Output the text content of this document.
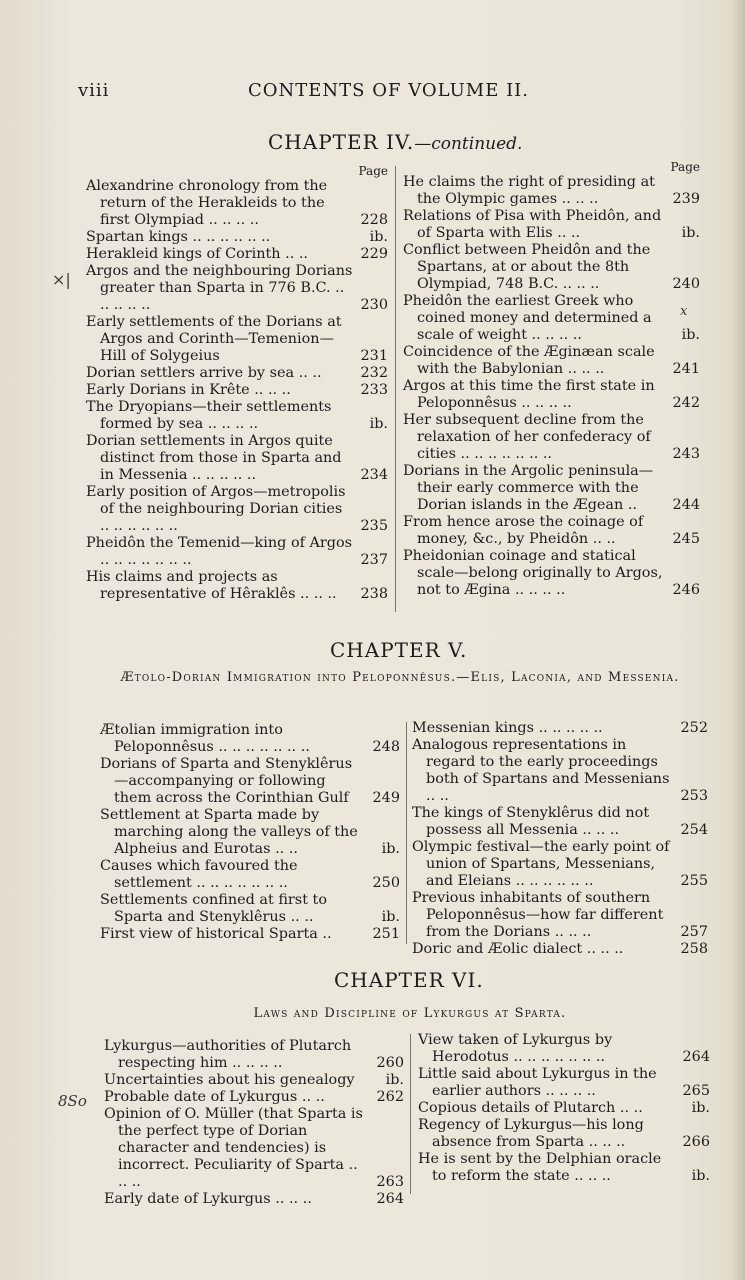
viii	CONTENTS OF VOLUME II.
×|
x
8So
CHAPTER IV.—continued.
Page
Alexandrine chronology from the return of the Herakleids to the first Olympiad .. .. .. ..	228
Spartan kings .. .. .. .. .. ..	ib.
Herakleid kings of Corinth .. ..	229
Argos and the neighbouring Dorians greater than Sparta in 776 B.C. .. .. .. .. ..	230
Early settlements of the Dorians at Argos and Corinth—Temenion—Hill of Solygeius	231
Dorian settlers arrive by sea .. ..	232
Early Dorians in Krête .. .. ..	233
The Dryopians—their settlements formed by sea .. .. .. ..	ib.
Dorian settlements in Argos quite distinct from those in Sparta and in Messenia .. .. .. .. ..	234
Early position of Argos—metropolis of the neighbouring Dorian cities .. .. .. .. .. ..	235
Pheidôn the Temenid—king of Argos .. .. .. .. .. .. ..	237
His claims and projects as representative of Hêraklês .. .. ..	238
Page
He claims the right of presiding at the Olympic games .. .. ..	239
Relations of Pisa with Pheidôn, and of Sparta with Elis .. ..	ib.
Conflict between Pheidôn and the Spartans, at or about the 8th Olympiad, 748 B.C. .. .. ..	240
Pheidôn the earliest Greek who coined money and determined a scale of weight .. .. .. ..	ib.
Coincidence of the Æginæan scale with the Babylonian .. .. ..	241
Argos at this time the first state in Peloponnêsus .. .. .. ..	242
Her subsequent decline from the relaxation of her confederacy of cities .. .. .. .. .. .. ..	243
Dorians in the Argolic peninsula—their early commerce with the Dorian islands in the Ægean ..	244
From hence arose the coinage of money, &c., by Pheidôn .. ..	245
Pheidonian coinage and statical scale—belong originally to Argos, not to Ægina .. .. .. ..	246
CHAPTER V.
Ætolo-Dorian Immigration into Peloponnêsus.—Elis, Laconia, and Messenia.
Ætolian immigration into Peloponnêsus .. .. .. .. .. .. ..	248
Dorians of Sparta and Stenyklêrus —accompanying or following them across the Corinthian Gulf	249
Settlement at Sparta made by marching along the valleys of the Alpheius and Eurotas .. ..	ib.
Causes which favoured the settlement .. .. .. .. .. .. ..	250
Settlements confined at first to Sparta and Stenyklêrus .. ..	ib.
First view of historical Sparta ..	251
Messenian kings .. .. .. .. ..	252
Analogous representations in regard to the early proceedings both of Spartans and Messenians .. ..	253
The kings of Stenyklêrus did not possess all Messenia .. .. ..	254
Olympic festival—the early point of union of Spartans, Messenians, and Eleians .. .. .. .. .. ..	255
Previous inhabitants of southern Peloponnêsus—how far different from the Dorians .. .. ..	257
Doric and Æolic dialect .. .. ..	258
CHAPTER VI.
Laws and Discipline of Lykurgus at Sparta.
Lykurgus—authorities of Plutarch respecting him .. .. .. ..	260
Uncertainties about his genealogy	ib.
Probable date of Lykurgus .. ..	262
Opinion of O. Müller (that Sparta is the perfect type of Dorian character and tendencies) is incorrect. Peculiarity of Sparta .. .. ..	263
Early date of Lykurgus .. .. ..	264
View taken of Lykurgus by Herodotus .. .. .. .. .. .. ..	264
Little said about Lykurgus in the earlier authors .. .. .. ..	265
Copious details of Plutarch .. ..	ib.
Regency of Lykurgus—his long absence from Sparta .. .. ..	266
He is sent by the Delphian oracle to reform the state .. .. ..	ib.
